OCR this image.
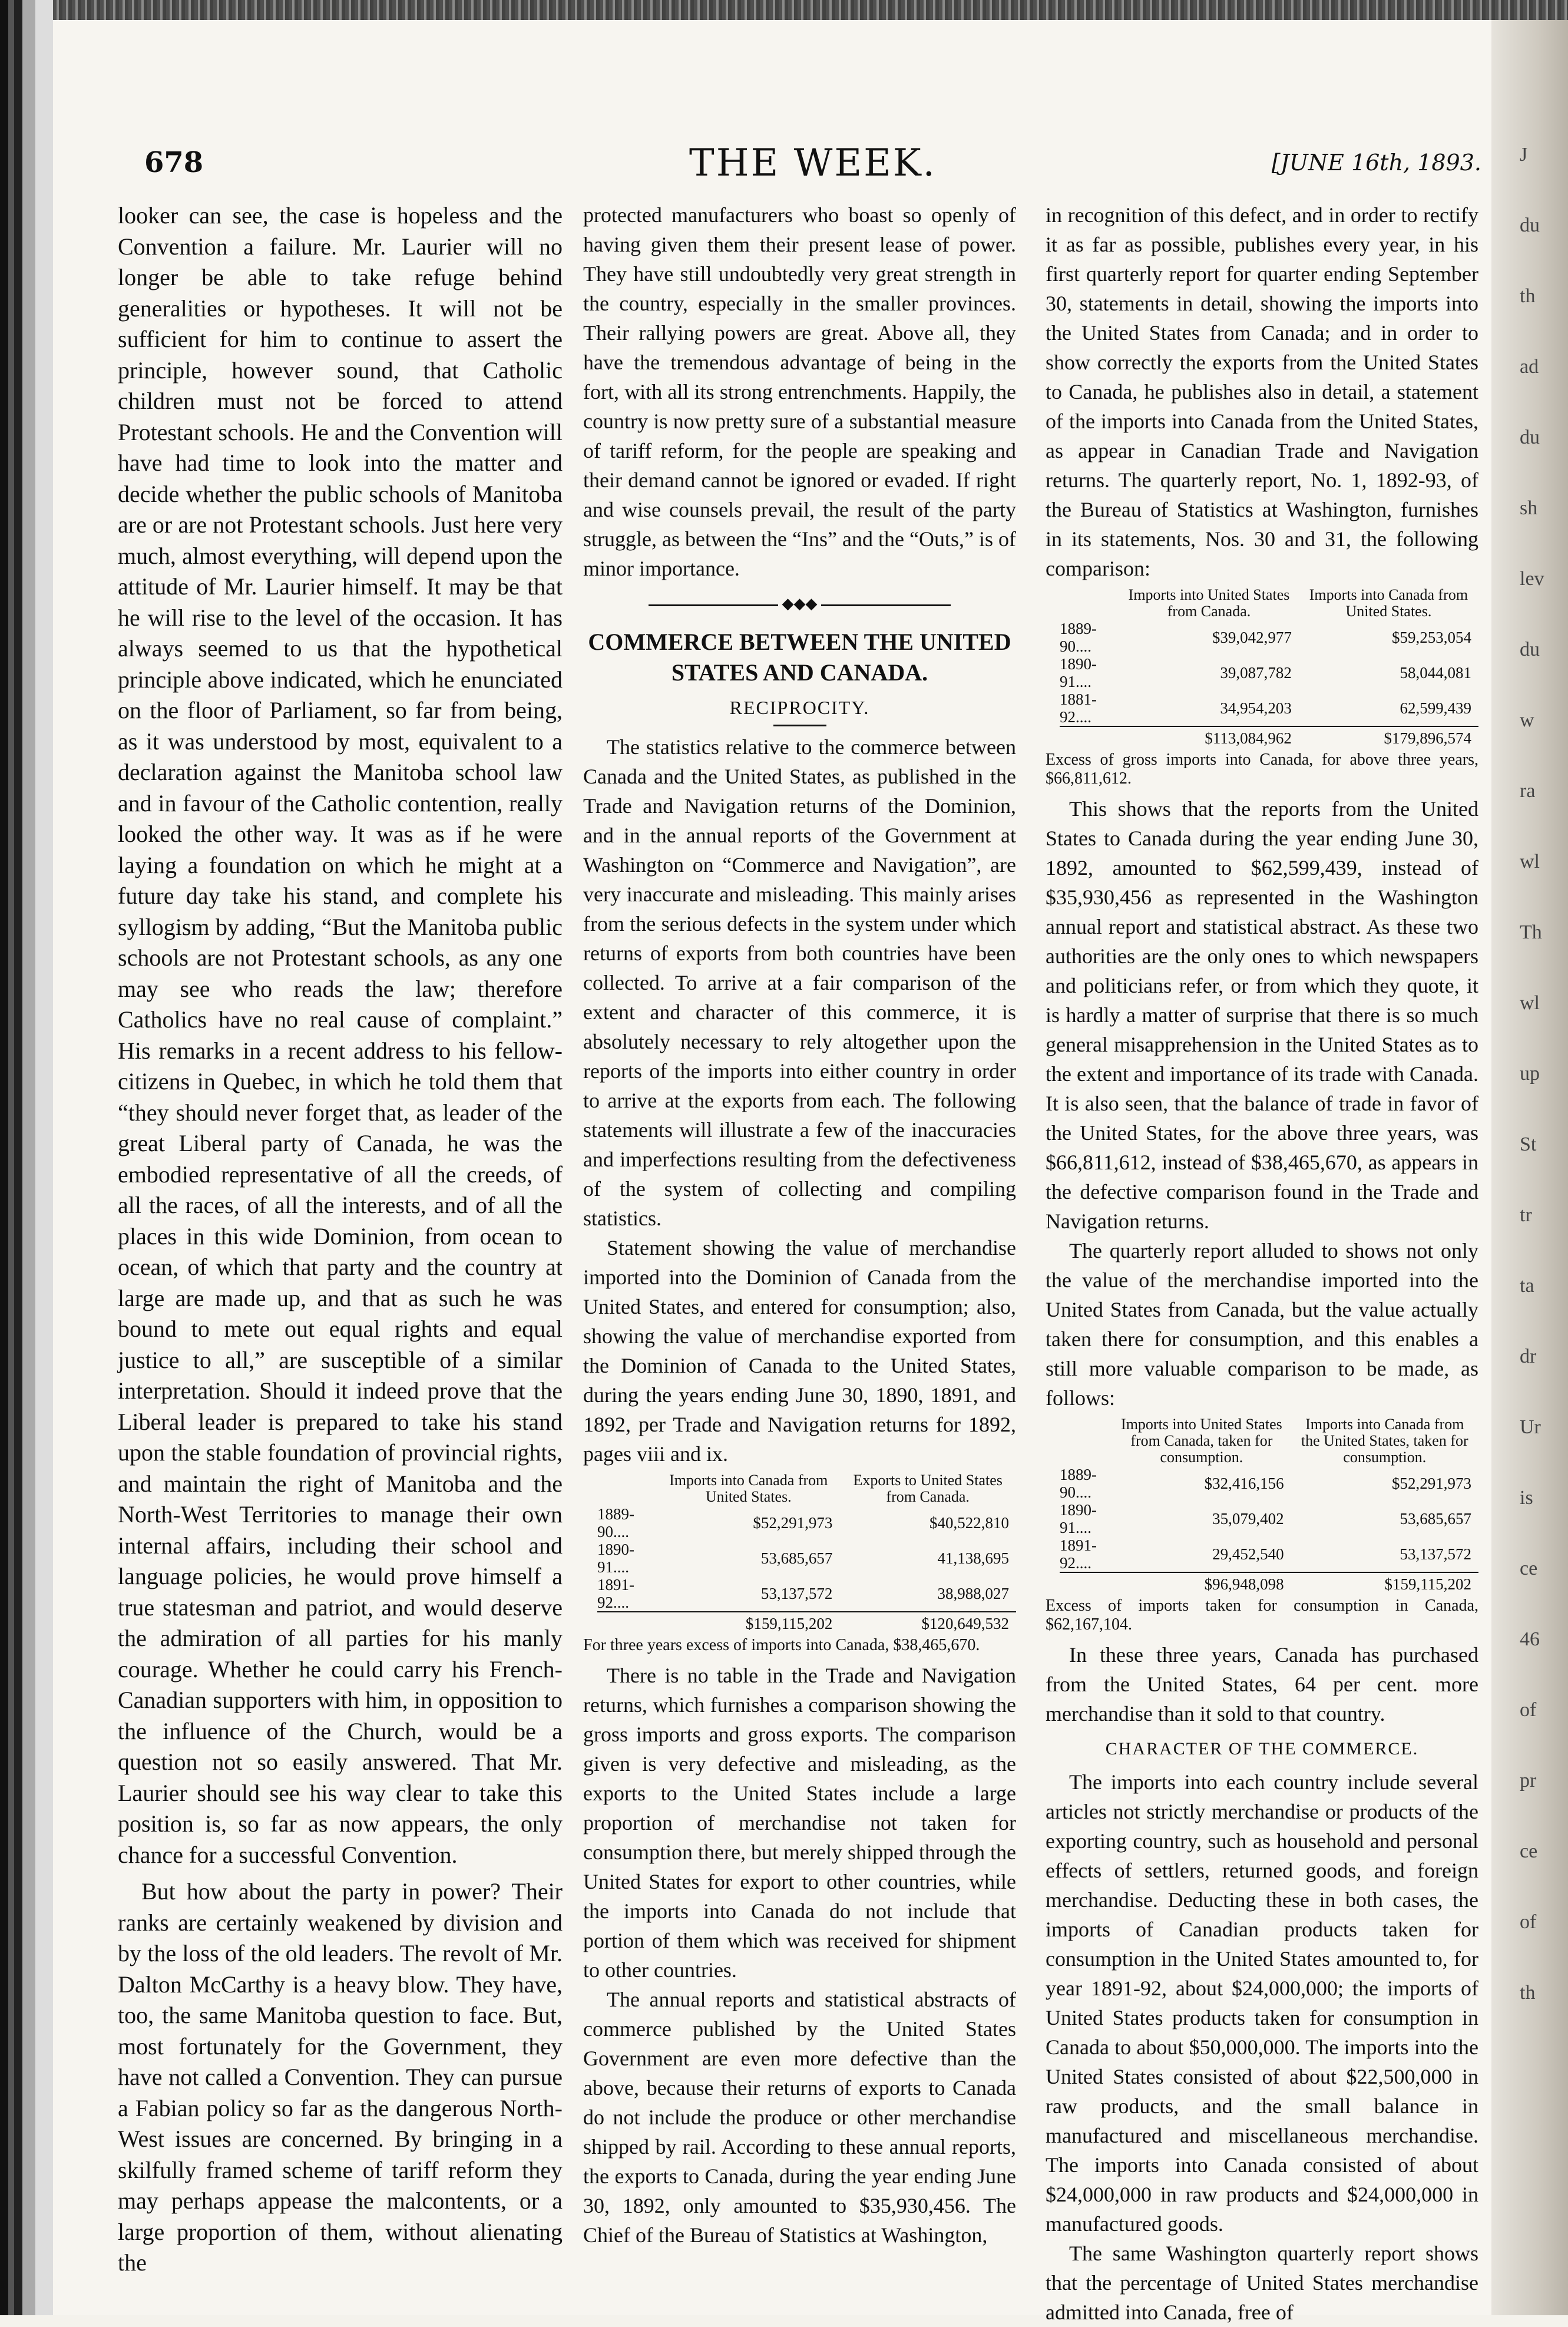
J
du
th
ad
du
sh
lev
du
w
ra
wl
Th
wl
up
St
tr
ta
dr
Ur
is
ce
46
of
pr
ce
of
th
678	THE WEEK.	[JUNE 16th, 1893.

looker can see, the case is hopeless and the Convention a failure. Mr. Laurier will no longer be able to take refuge behind generalities or hypotheses. It will not be sufficient for him to continue to assert the principle, however sound, that Catholic children must not be forced to attend Protestant schools. He and the Convention will have had time to look into the matter and decide whether the public schools of Manitoba are or are not Protestant schools. Just here very much, almost everything, will depend upon the attitude of Mr. Laurier himself. It may be that he will rise to the level of the occasion. It has always seemed to us that the hypothetical principle above indicated, which he enunciated on the floor of Parliament, so far from being, as it was understood by most, equivalent to a declaration against the Manitoba school law and in favour of the Catholic contention, really looked the other way. It was as if he were laying a foundation on which he might at a future day take his stand, and complete his syllogism by adding, “But the Manitoba public schools are not Protestant schools, as any one may see who reads the law; therefore Catholics have no real cause of complaint.” His remarks in a recent address to his fellow-citizens in Quebec, in which he told them that “they should never forget that, as leader of the great Liberal party of Canada, he was the embodied representative of all the creeds, of all the races, of all the interests, and of all the places in this wide Dominion, from ocean to ocean, of which that party and the country at large are made up, and that as such he was bound to mete out equal rights and equal justice to all,” are susceptible of a similar interpretation. Should it indeed prove that the Liberal leader is prepared to take his stand upon the stable foundation of provincial rights, and maintain the right of Manitoba and the North-West Territories to manage their own internal affairs, including their school and language policies, he would prove himself a true statesman and patriot, and would deserve the admiration of all parties for his manly courage. Whether he could carry his French-Canadian supporters with him, in opposition to the influence of the Church, would be a question not so easily answered. That Mr. Laurier should see his way clear to take this position is, so far as now appears, the only chance for a successful Convention.

But how about the party in power? Their ranks are certainly weakened by division and by the loss of the old leaders. The revolt of Mr. Dalton McCarthy is a heavy blow. They have, too, the same Manitoba question to face. But, most fortunately for the Government, they have not called a Convention. They can pursue a Fabian policy so far as the dangerous North-West issues are concerned. By bringing in a skilfully framed scheme of tariff reform they may perhaps appease the malcontents, or a large proportion of them, without alienating the

protected manufacturers who boast so openly of having given them their present lease of power. They have still undoubtedly very great strength in the country, especially in the smaller provinces. Their rallying powers are great. Above all, they have the tremendous advantage of being in the fort, with all its strong entrenchments. Happily, the country is now pretty sure of a substantial measure of tariff reform, for the people are speaking and their demand cannot be ignored or evaded. If right and wise counsels prevail, the result of the party struggle, as between the “Ins” and the “Outs,” is of minor importance.

◆◆◆
COMMERCE BETWEEN THE UNITED STATES AND CANADA.
RECIPROCITY.

The statistics relative to the commerce between Canada and the United States, as published in the Trade and Navigation returns of the Dominion, and in the annual reports of the Government at Washington on “Commerce and Navigation”, are very inaccurate and misleading. This mainly arises from the serious defects in the system under which returns of exports from both countries have been collected. To arrive at a fair comparison of the extent and character of this commerce, it is absolutely necessary to rely altogether upon the reports of the imports into either country in order to arrive at the exports from each. The following statements will illustrate a few of the inaccuracies and imperfections resulting from the defectiveness of the system of collecting and compiling statistics.

Statement showing the value of merchandise imported into the Dominion of Canada from the United States, and entered for consumption; also, showing the value of merchandise exported from the Dominion of Canada to the United States, during the years ending June 30, 1890, 1891, and 1892, per Trade and Navigation returns for 1892, pages viii and ix.

	Imports into Canada from United States.	Exports to United States from Canada.
1889-90....	$52,291,973	$40,522,810
1890-91....	53,685,657	41,138,695
1891-92....	53,137,572	38,988,027
	$159,115,202	$120,649,532
For three years excess of imports into Canada, $38,465,670.

There is no table in the Trade and Navigation returns, which furnishes a comparison showing the gross imports and gross exports. The comparison given is very defective and misleading, as the exports to the United States include a large proportion of merchandise not taken for consumption there, but merely shipped through the United States for export to other countries, while the imports into Canada do not include that portion of them which was received for shipment to other countries.

The annual reports and statistical abstracts of commerce published by the United States Government are even more defective than the above, because their returns of exports to Canada do not include the produce or other merchandise shipped by rail. According to these annual reports, the exports to Canada, during the year ending June 30, 1892, only amounted to $35,930,456. The Chief of the Bureau of Statistics at Washington,

in recognition of this defect, and in order to rectify it as far as possible, publishes every year, in his first quarterly report for quarter ending September 30, statements in detail, showing the imports into the United States from Canada; and in order to show correctly the exports from the United States to Canada, he publishes also in detail, a statement of the imports into Canada from the United States, as appear in Canadian Trade and Navigation returns. The quarterly report, No. 1, 1892-93, of the Bureau of Statistics at Washington, furnishes in its statements, Nos. 30 and 31, the following comparison:

	Imports into United States from Canada.	Imports into Canada from United States.
1889-90....	$39,042,977	$59,253,054
1890-91....	39,087,782	58,044,081
1881-92....	34,954,203	62,599,439
	$113,084,962	$179,896,574
Excess of gross imports into Canada, for above three years, $66,811,612.

This shows that the reports from the United States to Canada during the year ending June 30, 1892, amounted to $62,599,439, instead of $35,930,456 as represented in the Washington annual report and statistical abstract. As these two authorities are the only ones to which newspapers and politicians refer, or from which they quote, it is hardly a matter of surprise that there is so much general misapprehension in the United States as to the extent and importance of its trade with Canada. It is also seen, that the balance of trade in favor of the United States, for the above three years, was $66,811,612, instead of $38,465,670, as appears in the defective comparison found in the Trade and Navigation returns.

The quarterly report alluded to shows not only the value of the merchandise imported into the United States from Canada, but the value actually taken there for consumption, and this enables a still more valuable comparison to be made, as follows:

	Imports into United States from Canada, taken for consumption.	Imports into Canada from the United States, taken for consumption.
1889-90....	$32,416,156	$52,291,973
1890-91....	35,079,402	53,685,657
1891-92....	29,452,540	53,137,572
	$96,948,098	$159,115,202
Excess of imports taken for consumption in Canada, $62,167,104.

In these three years, Canada has purchased from the United States, 64 per cent. more merchandise than it sold to that country.

CHARACTER OF THE COMMERCE.

The imports into each country include several articles not strictly merchandise or products of the exporting country, such as household and personal effects of settlers, returned goods, and foreign merchandise. Deducting these in both cases, the imports of Canadian products taken for consumption in the United States amounted to, for year 1891-92, about $24,000,000; the imports of United States products taken for consumption in Canada to about $50,000,000. The imports into the United States consisted of about $22,500,000 in raw products, and the small balance in manufactured and miscellaneous merchandise. The imports into Canada consisted of about $24,000,000 in raw products and $24,000,000 in manufactured goods.

The same Washington quarterly report shows that the percentage of United States merchandise admitted into Canada, free of
